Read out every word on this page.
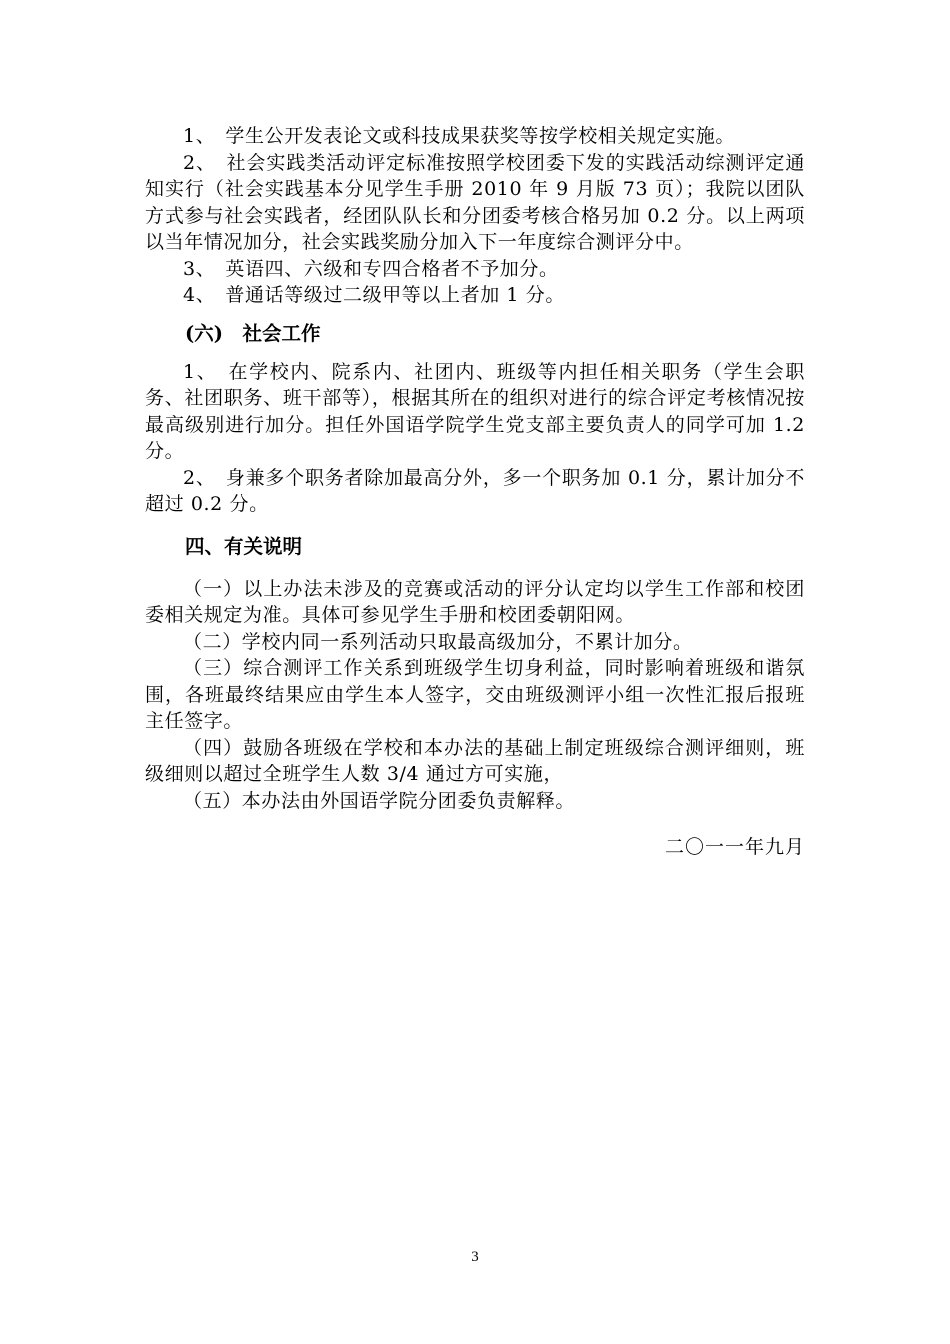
1、　学生公开发表论文或科技成果获奖等按学校相关规定实施。

2、　社会实践类活动评定标准按照学校团委下发的实践活动综测评定通知实行（社会实践基本分见学生手册 2010 年 9 月版 73 页）；我院以团队方式参与社会实践者，经团队队长和分团委考核合格另加 0.2 分。以上两项以当年情况加分，社会实践奖励分加入下一年度综合测评分中。

3、　英语四、六级和专四合格者不予加分。

4、　普通话等级过二级甲等以上者加 1 分。

(六)　社会工作

1、　在学校内、院系内、社团内、班级等内担任相关职务（学生会职务、社团职务、班干部等），根据其所在的组织对进行的综合评定考核情况按最高级别进行加分。担任外国语学院学生党支部主要负责人的同学可加 1.2 分。

2、　身兼多个职务者除加最高分外，多一个职务加 0.1 分，累计加分不超过 0.2 分。

四、有关说明

（一）以上办法未涉及的竞赛或活动的评分认定均以学生工作部和校团委相关规定为准。具体可参见学生手册和校团委朝阳网。

（二）学校内同一系列活动只取最高级加分，不累计加分。

（三）综合测评工作关系到班级学生切身利益，同时影响着班级和谐氛围，各班最终结果应由学生本人签字，交由班级测评小组一次性汇报后报班主任签字。

（四）鼓励各班级在学校和本办法的基础上制定班级综合测评细则，班级细则以超过全班学生人数 3/4 通过方可实施，

（五）本办法由外国语学院分团委负责解释。

二〇一一年九月
3
